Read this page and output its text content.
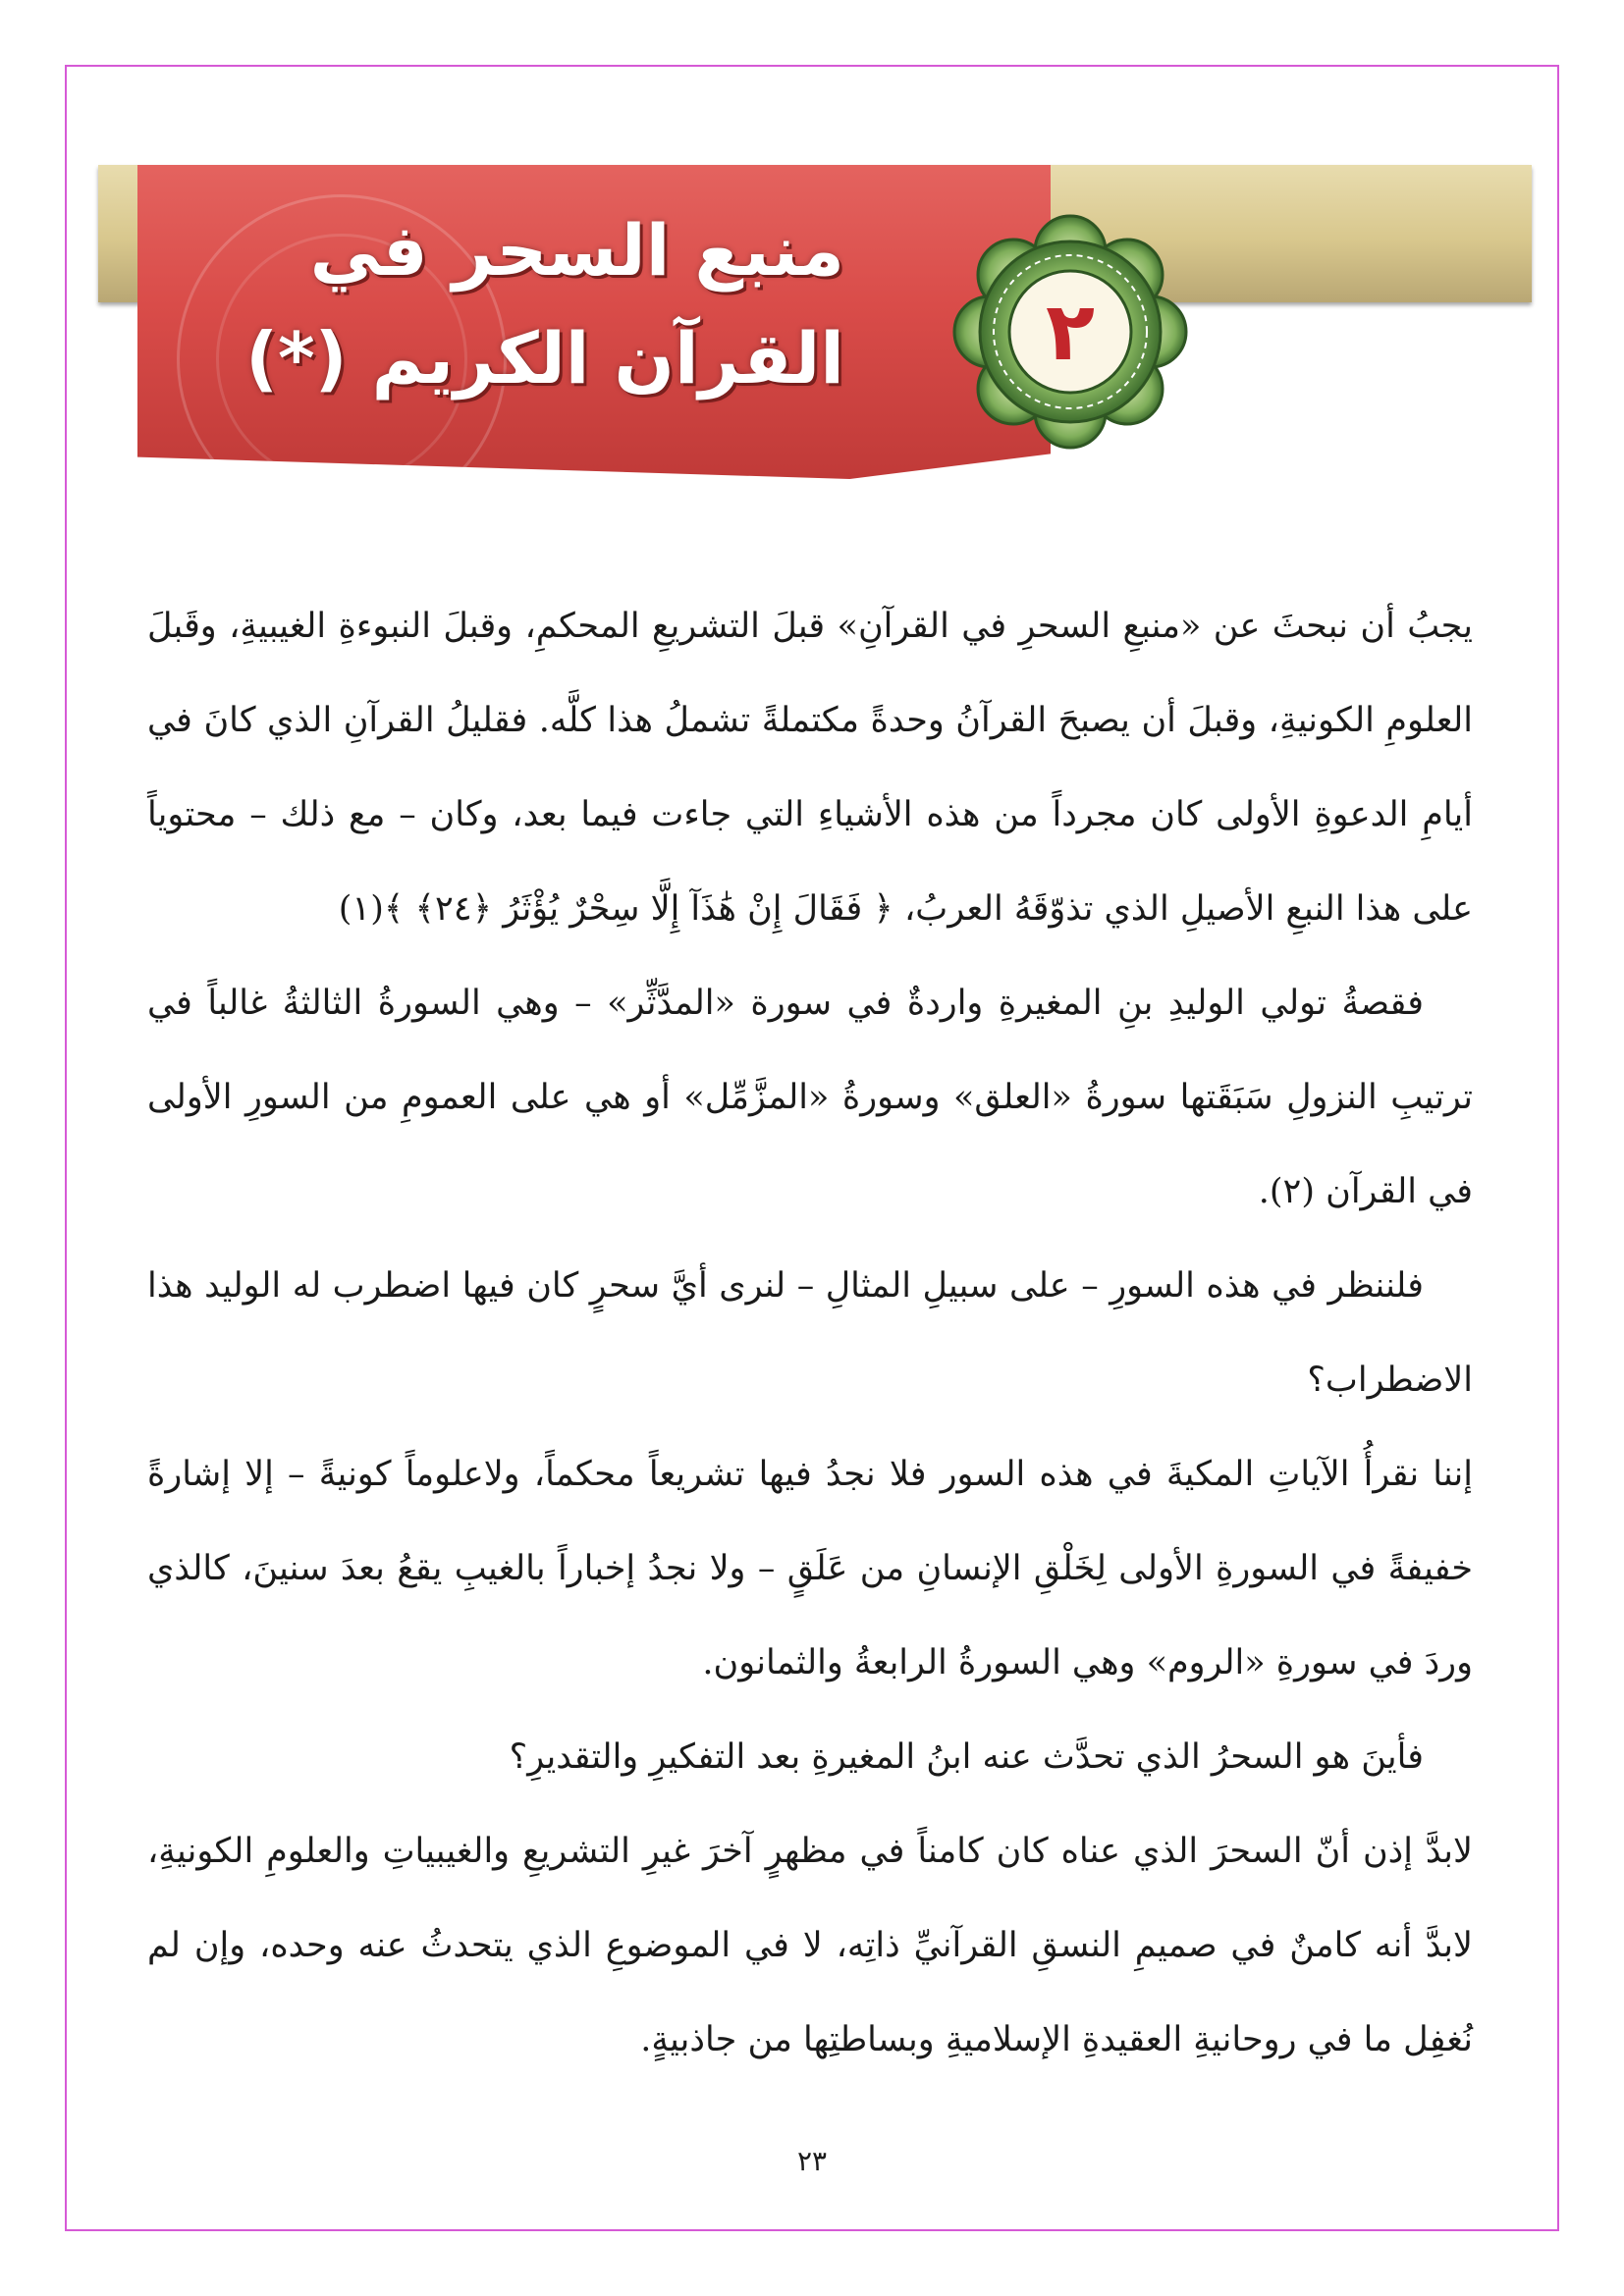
منبع السحر في
القرآن الكريم (*)	٢

يجبُ أن نبحثَ عن «منبعِ السحرِ في القرآنِ» قبلَ التشريعِ المحكمِ، وقبلَ النبوءةِ الغيبيةِ، وقَبلَ العلومِ الكونيةِ، وقبلَ أن يصبحَ القرآنُ وحدةً مكتملةً تشملُ هذا كلَّه. فقليلُ القرآنِ الذي كانَ في أيامِ الدعوةِ الأولى كان مجرداً من هذه الأشياءِ التي جاءت فيما بعد، وكان – مع ذلك – محتوياً على هذا النبعِ الأصيلِ الذي تذوّقَهُ العربُ، ﴿ فَقَالَ إِنْ هَٰذَآ إِلَّا سِحْرٌ يُؤْثَرُ ﴿٢٤﴾ ﴾(١)

فقصةُ تولي الوليدِ بنِ المغيرةِ واردةٌ في سورة «المدَّثِّر» – وهي السورةُ الثالثةُ غالباً في ترتيبِ النزولِ سَبَقَتها سورةُ «العلق» وسورةُ «المزَّمِّل» أو هي على العمومِ من السورِ الأولى في القرآن (٢).

فلننظر في هذه السورِ – على سبيلِ المثالِ – لنرى أيَّ سحرٍ كان فيها اضطرب له الوليد هذا الاضطراب؟

إننا نقرأُ الآياتِ المكيةَ في هذه السور فلا نجدُ فيها تشريعاً محكماً، ولاعلوماً كونيةً – إلا إشارةً خفيفةً في السورةِ الأولى لِخَلْقِ الإنسانِ من عَلَقٍ – ولا نجدُ إخباراً بالغيبِ يقعُ بعدَ سنينَ، كالذي وردَ في سورةِ «الروم» وهي السورةُ الرابعةُ والثمانون.

فأينَ هو السحرُ الذي تحدَّث عنه ابنُ المغيرةِ بعد التفكيرِ والتقديرِ؟

لابدَّ إذن أنّ السحرَ الذي عناه كان كامناً في مظهرٍ آخرَ غيرِ التشريعِ والغيبياتِ والعلومِ الكونيةِ، لابدَّ أنه كامنٌ في صميمِ النسقِ القرآنيِّ ذاتِه، لا في الموضوعِ الذي يتحدثُ عنه وحده، وإن لم نُغفِل ما في روحانيةِ العقيدةِ الإسلاميةِ وبساطتِها من جاذبيةٍ.

٢٣
